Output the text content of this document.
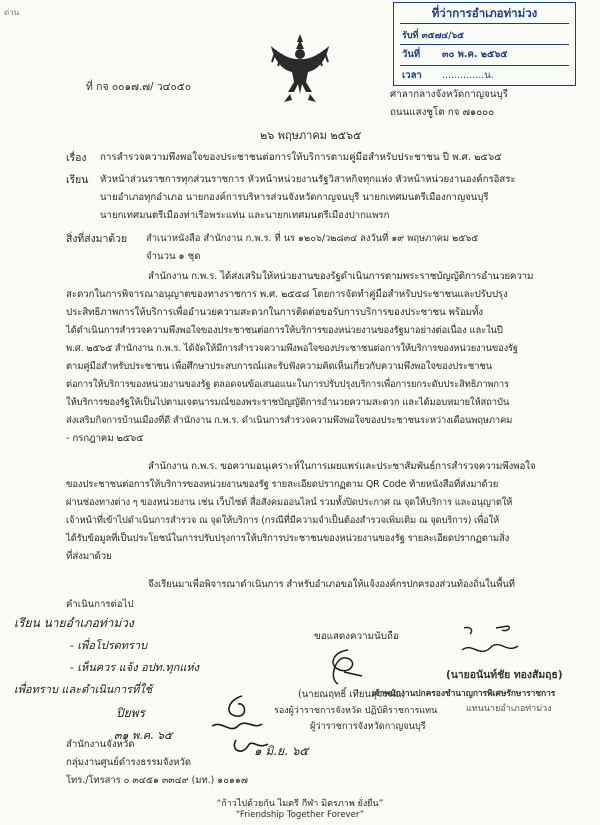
ด่วน	ที่ว่าการอำเภอท่าม่วง
รับที่ ๓๕๗๔/๖๕
วันที่ ๓๐ พ.ค. ๒๕๖๕
เวลา ..............น.
ที่ กจ ๐๐๑๗.๗/ ว๔๐๕๐
ศาลากลางจังหวัดกาญจนบุรี
ถนนแสงชูโต กจ ๗๑๐๐๐
๒๖ พฤษภาคม ๒๕๖๕
เรื่อง การสำรวจความพึงพอใจของประชาชนต่อการให้บริการตามคู่มือสำหรับประชาชน ปี พ.ศ. ๒๕๖๕
เรียน หัวหน้าส่วนราชการทุกส่วนราชการ หัวหน้าหน่วยงานรัฐวิสาหกิจทุกแห่ง หัวหน้าหน่วยงานองค์กรอิสระ
นายอำเภอทุกอำเภอ นายกองค์การบริหารส่วนจังหวัดกาญจนบุรี นายกเทศมนตรีเมืองกาญจนบุรี
นายกเทศมนตรีเมืองท่าเรือพระแท่น และนายกเทศมนตรีเมืองปากแพรก
สิ่งที่ส่งมาด้วย สำเนาหนังสือ สำนักงาน ก.พ.ร. ที่ นร ๑๒๐๖/ว๒๘๓๔ ลงวันที่ ๑๙ พฤษภาคม ๒๕๖๕
จำนวน ๑ ชุด
สำนักงาน ก.พ.ร. ได้ส่งเสริมให้หน่วยงานของรัฐดำเนินการตามพระราชบัญญัติการอำนวยความ
สะดวกในการพิจารณาอนุญาตของทางราชการ พ.ศ. ๒๕๕๘ โดยการจัดทำคู่มือสำหรับประชาชนและปรับปรุง
ประสิทธิภาพการให้บริการเพื่ออำนวยความสะดวกในการติดต่อขอรับการบริการของประชาชน พร้อมทั้ง
ได้ดำเนินการสำรวจความพึงพอใจของประชาชนต่อการให้บริการของหน่วยงานของรัฐมาอย่างต่อเนื่อง และในปี
พ.ศ. ๒๕๖๕ สำนักงาน ก.พ.ร. ได้จัดให้มีการสำรวจความพึงพอใจของประชาชนต่อการให้บริการของหน่วยงานของรัฐ
ตามคู่มือสำหรับประชาชน เพื่อศึกษาประสบการณ์และรับฟังความคิดเห็นเกี่ยวกับความพึงพอใจของประชาชน
ต่อการให้บริการของหน่วยงานของรัฐ ตลอดจนข้อเสนอแนะในการปรับปรุงบริการเพื่อการยกระดับประสิทธิภาพการ
ให้บริการของรัฐให้เป็นไปตามเจตนารมณ์ของพระราชบัญญัติการอำนวยความสะดวก และได้มอบหมายให้สถาบัน
ส่งเสริมกิจการบ้านเมืองที่ดี สำนักงาน ก.พ.ร. ดำเนินการสำรวจความพึงพอใจของประชาชนระหว่างเดือนพฤษภาคม
- กรกฎาคม ๒๕๖๕
สำนักงาน ก.พ.ร. ขอความอนุเคราะห์ในการเผยแพร่และประชาสัมพันธ์การสำรวจความพึงพอใจ
ของประชาชนต่อการให้บริการของหน่วยงานของรัฐ รายละเอียดปรากฏตาม QR Code ท้ายหนังสือที่ส่งมาด้วย
ผ่านช่องทางต่าง ๆ ของหน่วยงาน เช่น เว็บไซต์ สื่อสังคมออนไลน์ รวมทั้งปิดประกาศ ณ จุดให้บริการ และอนุญาตให้
เจ้าหน้าที่เข้าไปดำเนินการสำรวจ ณ จุดให้บริการ (กรณีที่มีความจำเป็นต้องสำรวจเพิ่มเติม ณ จุดบริการ) เพื่อให้
ได้รับข้อมูลที่เป็นประโยชน์ในการปรับปรุงการให้บริการประชาชนของหน่วยงานของรัฐ รายละเอียดปรากฏตามสิ่ง
ที่ส่งมาด้วย
จึงเรียนมาเพื่อพิจารณาดำเนินการ สำหรับอำเภอขอให้แจ้งองค์กรปกครองส่วนท้องถิ่นในพื้นที่
คำเนินการต่อไป
ขอแสดงความนับถือ
เรียน นายอำเภอท่าม่วง
- เพื่อโปรดทราบ
- เห็นควร แจ้ง อปท.ทุกแห่ง
เพื่อทราบ และดำเนินการที่ใช้
ปิยพร
๓๑ พ.ค. ๖๕
๑ มิ.ย. ๖๕
(นายณฤทธิ์ เทียนสุวรรณ)
รองผู้ว่าราชการจังหวัด ปฏิบัติราชการแทน
ผู้ว่าราชการจังหวัดกาญจนบุรี
(นายอนันท์ชัย ทองสัมฤธ)
เจ้าพนักงานปกครองชำนาญการพิเศษรักษาราชการ
แทนนายอำเภอท่าม่วง
สำนักงานจังหวัด
กลุ่มงานศูนย์ดำรงธรรมจังหวัด
โทร./โทรสาร ๐ ๓๔๕๑ ๓๓๔๙ (มท.) ๑๐๑๑๗
“ก้าวไปด้วยกัน ไมตรี กีฬา มิตรภาพ ยั่งยืน”
“Friendship Together Forever”
